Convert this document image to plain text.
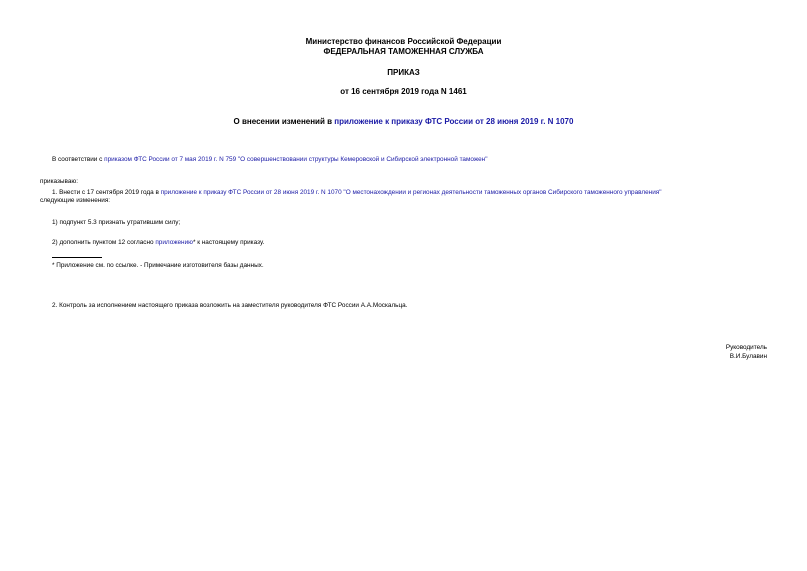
Министерство финансов Российской Федерации
ФЕДЕРАЛЬНАЯ ТАМОЖЕННАЯ СЛУЖБА
ПРИКАЗ
от 16 сентября 2019 года N 1461
О внесении изменений в приложение к приказу ФТС России от 28 июня 2019 г. N 1070
В соответствии с приказом ФТС России от 7 мая 2019 г. N 759 "О совершенствовании структуры Кемеровской и Сибирской электронной таможен"
приказываю:
1. Внести с 17 сентября 2019 года в приложение к приказу ФТС России от 28 июня 2019 г. N 1070 "О местонахождении и регионах деятельности таможенных органов Сибирского таможенного управления"
следующие изменения:
1) подпункт 5.3 признать утратившим силу;
2) дополнить пунктом 12 согласно приложению* к настоящему приказу.
* Приложение см. по ссылке. - Примечание изготовителя базы данных.
2. Контроль за исполнением настоящего приказа возложить на заместителя руководителя ФТС России А.А.Москальца.
Руководитель
В.И.Булавин
